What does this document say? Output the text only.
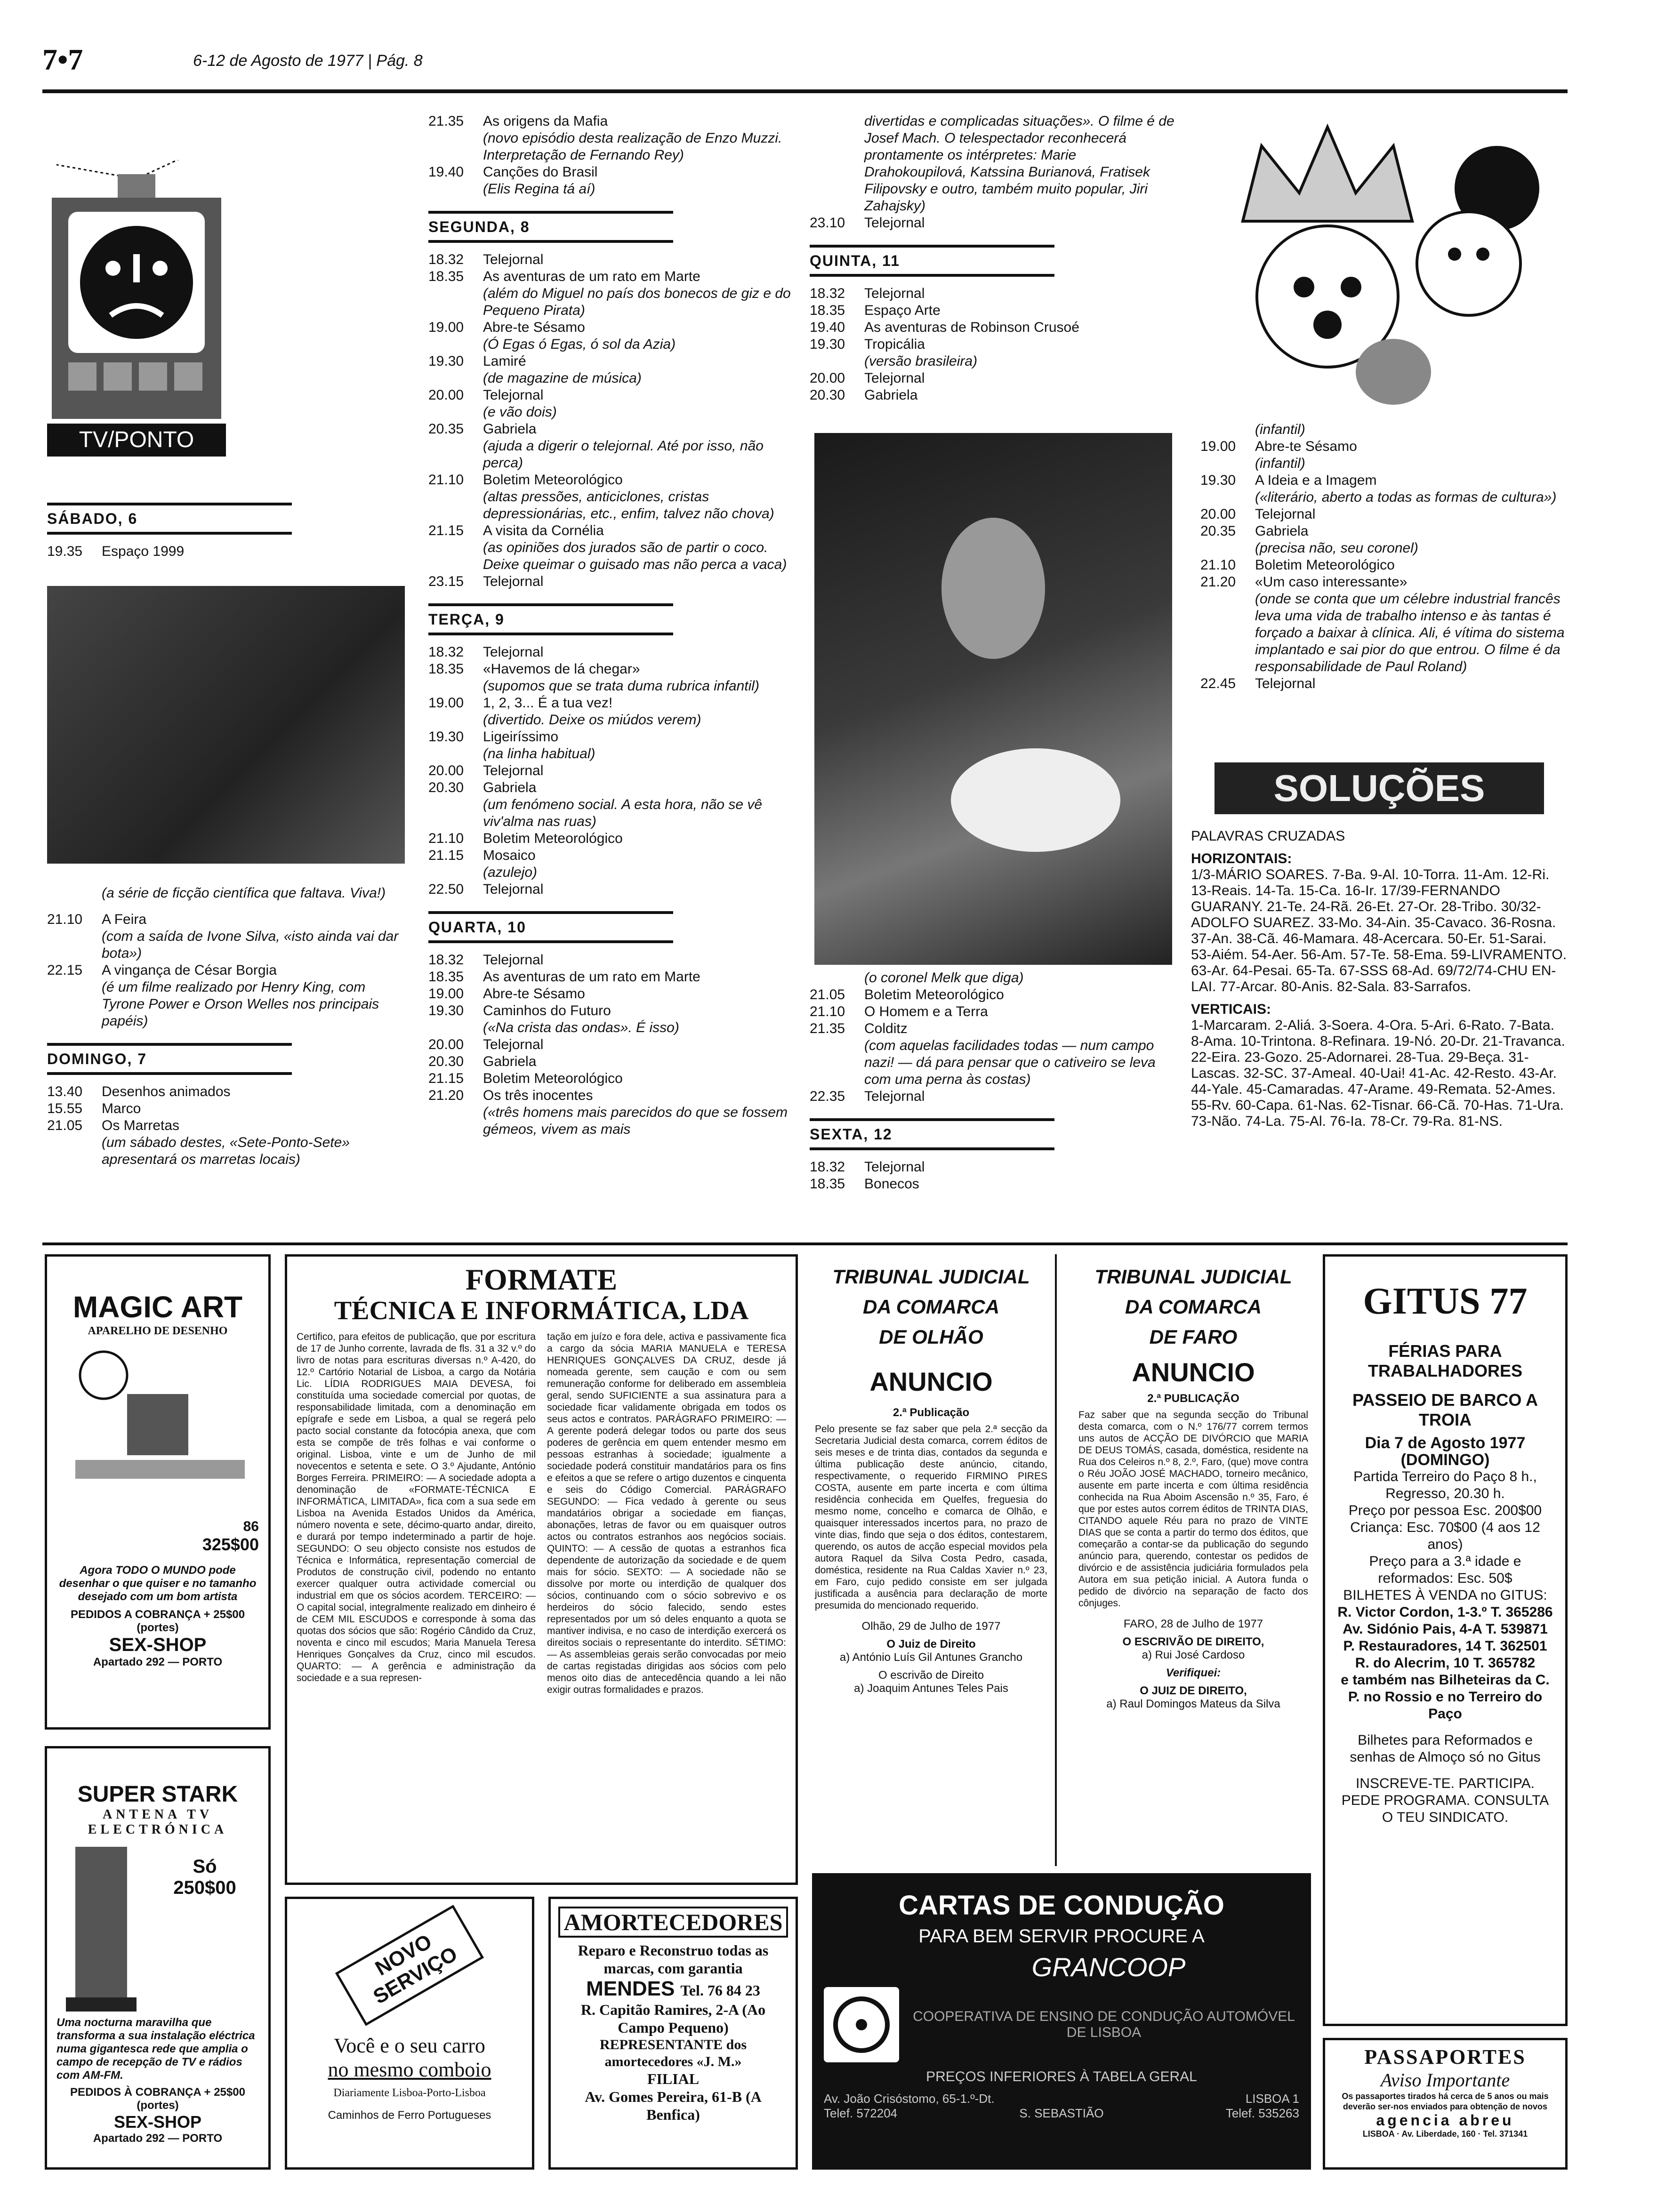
7•7	6-12 de Agosto de 1977 | Pág. 8
TV/PONTO
SÁBADO, 6
19.35	Espaço 1999
(a série de ficção científica que faltava. Viva!)
21.10	A Feira
(com a saída de Ivone Silva, «isto ainda vai dar bota»)
22.15	A vingança de César Borgia
(é um filme realizado por Henry King, com Tyrone Power e Orson Welles nos principais papéis)
DOMINGO, 7
13.40	Desenhos animados
15.55	Marco
21.05	Os Marretas
(um sábado destes, «Sete-Ponto-Sete» apresentará os marretas locais)
21.35	As origens da Mafia
(novo episódio desta realização de Enzo Muzzi. Interpretação de Fernando Rey)
19.40	Canções do Brasil
(Elis Regina tá aí)
SEGUNDA, 8
18.32	Telejornal
18.35	As aventuras de um rato em Marte
(além do Miguel no país dos bonecos de giz e do Pequeno Pirata)
19.00	Abre-te Sésamo
(Ó Egas ó Egas, ó sol da Azia)
19.30	Lamiré
(de magazine de música)
20.00	Telejornal
(e vão dois)
20.35	Gabriela
(ajuda a digerir o telejornal. Até por isso, não perca)
21.10	Boletim Meteorológico
(altas pressões, anticiclones, cristas depressionárias, etc., enfim, talvez não chova)
21.15	A visita da Cornélia
(as opiniões dos jurados são de partir o coco. Deixe queimar o guisado mas não perca a vaca)
23.15	Telejornal
TERÇA, 9
18.32	Telejornal
18.35	«Havemos de lá chegar»
(supomos que se trata duma rubrica infantil)
19.00	1, 2, 3... É a tua vez!
(divertido. Deixe os miúdos verem)
19.30	Ligeiríssimo
(na linha habitual)
20.00	Telejornal
20.30	Gabriela
(um fenómeno social. A esta hora, não se vê viv'alma nas ruas)
21.10	Boletim Meteorológico
21.15	Mosaico
(azulejo)
22.50	Telejornal
QUARTA, 10
18.32	Telejornal
18.35	As aventuras de um rato em Marte
19.00	Abre-te Sésamo
19.30	Caminhos do Futuro
(«Na crista das ondas». É isso)
20.00	Telejornal
20.30	Gabriela
21.15	Boletim Meteorológico
21.20	Os três inocentes
(«três homens mais parecidos do que se fossem gémeos, vivem as mais
divertidas e complicadas situações». O filme é de Josef Mach. O telespectador reconhecerá prontamente os intérpretes: Marie Drahokoupilová, Katssina Burianová, Fratisek Filipovsky e outro, também muito popular, Jiri Zahajsky)
23.10	Telejornal
QUINTA, 11
18.32	Telejornal
18.35	Espaço Arte
19.40	As aventuras de Robinson Crusoé
19.30	Tropicália
(versão brasileira)
20.00	Telejornal
20.30	Gabriela
(o coronel Melk que diga)
21.05	Boletim Meteorológico
21.10	O Homem e a Terra
21.35	Colditz
(com aquelas facilidades todas — num campo nazi! — dá para pensar que o cativeiro se leva com uma perna às costas)
22.35	Telejornal
SEXTA, 12
18.32	Telejornal
18.35	Bonecos
(infantil)
19.00	Abre-te Sésamo
(infantil)
19.30	A Ideia e a Imagem
(«literário, aberto a todas as formas de cultura»)
20.00	Telejornal
20.35	Gabriela
(precisa não, seu coronel)
21.10	Boletim Meteorológico
21.20	«Um caso interessante»
(onde se conta que um célebre industrial francês leva uma vida de trabalho intenso e às tantas é forçado a baixar à clínica. Ali, é vítima do sistema implantado e sai pior do que entrou. O filme é da responsabilidade de Paul Roland)
22.45	Telejornal
SOLUÇÕES
PALAVRAS CRUZADAS
HORIZONTAIS:
1/3-MÁRIO SOARES. 7-Ba. 9-Al. 10-Torra. 11-Am. 12-Ri. 13-Reais. 14-Ta. 15-Ca. 16-Ir. 17/39-FERNANDO GUARANY. 21-Te. 24-Rã. 26-Et. 27-Or. 28-Tribo. 30/32-ADOLFO SUAREZ. 33-Mo. 34-Ain. 35-Cavaco. 36-Rosna. 37-An. 38-Cã. 46-Mamara. 48-Acercara. 50-Er. 51-Sarai. 53-Aiém. 54-Aer. 56-Am. 57-Te. 58-Ema. 59-LIVRAMENTO. 63-Ar. 64-Pesai. 65-Ta. 67-SSS 68-Ad. 69/72/74-CHU EN-LAI. 77-Arcar. 80-Anis. 82-Sala. 83-Sarrafos.
VERTICAIS:
1-Marcaram. 2-Aliá. 3-Soera. 4-Ora. 5-Ari. 6-Rato. 7-Bata. 8-Ama. 10-Trintona. 8-Refinara. 19-Nó. 20-Dr. 21-Travanca. 22-Eira. 23-Gozo. 25-Adornarei. 28-Tua. 29-Beça. 31-Lascas. 32-SC. 37-Ameal. 40-Uai! 41-Ac. 42-Resto. 43-Ar. 44-Yale. 45-Camaradas. 47-Arame. 49-Remata. 52-Ames. 55-Rv. 60-Capa. 61-Nas. 62-Tisnar. 66-Cã. 70-Has. 71-Ura. 73-Não. 74-La. 75-Al. 76-Ia. 78-Cr. 79-Ra. 81-NS.
MAGIC ART
APARELHO DE DESENHO
86
325$00
Agora TODO O MUNDO pode desenhar o que quiser e no tamanho desejado com um bom artista
PEDIDOS A COBRANÇA + 25$00 (portes)
SEX-SHOP
Apartado 292 — PORTO
SUPER STARK
ANTENA TV ELECTRÓNICA
Só
250$00
Uma nocturna maravilha que transforma a sua instalação eléctrica numa gigantesca rede que amplia o campo de recepção de TV e rádios com AM-FM.
PEDIDOS À COBRANÇA + 25$00 (portes)
SEX-SHOP
Apartado 292 — PORTO
FORMATE
TÉCNICA E INFORMÁTICA, LDA
Certifico, para efeitos de publicação, que por escritura de 17 de Junho corrente, lavrada de fls. 31 a 32 v.º do livro de notas para escrituras diversas n.º A-420, do 12.º Cartório Notarial de Lisboa, a cargo da Notária Lic. LÍDIA RODRIGUES MAIA DEVESA, foi constituída uma sociedade comercial por quotas, de responsabilidade limitada, com a denominação em epígrafe e sede em Lisboa, a qual se regerá pelo pacto social constante da fotocópia anexa, que com esta se compõe de três folhas e vai conforme o original. Lisboa, vinte e um de Junho de mil novecentos e setenta e sete. O 3.º Ajudante, António Borges Ferreira. PRIMEIRO: — A sociedade adopta a denominação de «FORMATE-TÉCNICA E INFORMÁTICA, LIMITADA», fica com a sua sede em Lisboa na Avenida Estados Unidos da América, número noventa e sete, décimo-quarto andar, direito, e durará por tempo indeterminado a partir de hoje. SEGUNDO: O seu objecto consiste nos estudos de Técnica e Informática, representação comercial de Produtos de construção civil, podendo no entanto exercer qualquer outra actividade comercial ou industrial em que os sócios acordem. TERCEIRO: — O capital social, integralmente realizado em dinheiro é de CEM MIL ESCUDOS e corresponde à soma das quotas dos sócios que são: Rogério Cândido da Cruz, noventa e cinco mil escudos; Maria Manuela Teresa Henriques Gonçalves da Cruz, cinco mil escudos. QUARTO: — A gerência e administração da sociedade e a sua represen-
tação em juízo e fora dele, activa e passivamente fica a cargo da sócia MARIA MANUELA e TERESA HENRIQUES GONÇALVES DA CRUZ, desde já nomeada gerente, sem caução e com ou sem remuneração conforme for deliberado em assembleia geral, sendo SUFICIENTE a sua assinatura para a sociedade ficar validamente obrigada em todos os seus actos e contratos. PARÁGRAFO PRIMEIRO: — A gerente poderá delegar todos ou parte dos seus poderes de gerência em quem entender mesmo em pessoas estranhas à sociedade; igualmente a sociedade poderá constituir mandatários para os fins e efeitos a que se refere o artigo duzentos e cinquenta e seis do Código Comercial. PARÁGRAFO SEGUNDO: — Fica vedado à gerente ou seus mandatários obrigar a sociedade em fianças, abonações, letras de favor ou em quaisquer outros actos ou contratos estranhos aos negócios sociais. QUINTO: — A cessão de quotas a estranhos fica dependente de autorização da sociedade e de quem mais for sócio. SEXTO: — A sociedade não se dissolve por morte ou interdição de qualquer dos sócios, continuando com o sócio sobrevivo e os herdeiros do sócio falecido, sendo estes representados por um só deles enquanto a quota se mantiver indivisa, e no caso de interdição exercerá os direitos sociais o representante do interdito. SÉTIMO: — As assembleias gerais serão convocadas por meio de cartas registadas dirigidas aos sócios com pelo menos oito dias de antecedência quando a lei não exigir outras formalidades e prazos.
NOVO SERVIÇO
Você e o seu carro
no mesmo comboio
Diariamente Lisboa-Porto-Lisboa
Caminhos de Ferro Portugueses
AMORTECEDORES
Reparo e Reconstruo todas as marcas, com garantia
MENDES Tel. 76 84 23
R. Capitão Ramires, 2-A (Ao Campo Pequeno)
REPRESENTANTE dos amortecedores «J. M.»
FILIAL
Av. Gomes Pereira, 61-B (A Benfica)
TRIBUNAL JUDICIAL
DA COMARCA
DE OLHÃO
ANUNCIO
2.ª Publicação
Pelo presente se faz saber que pela 2.ª secção da Secretaria Judicial desta comarca, correm éditos de seis meses e de trinta dias, contados da segunda e última publicação deste anúncio, citando, respectivamente, o requerido FIRMINO PIRES COSTA, ausente em parte incerta e com última residência conhecida em Quelfes, freguesia do mesmo nome, concelho e comarca de Olhão, e quaisquer interessados incertos para, no prazo de vinte dias, findo que seja o dos éditos, contestarem, querendo, os autos de acção especial movidos pela autora Raquel da Silva Costa Pedro, casada, doméstica, residente na Rua Caldas Xavier n.º 23, em Faro, cujo pedido consiste em ser julgada justificada a ausência para declaração de morte presumida do mencionado requerido.
Olhão, 29 de Julho de 1977
O Juiz de Direito
a) António Luís Gil Antunes Grancho
O escrivão de Direito
a) Joaquim Antunes Teles Pais
TRIBUNAL JUDICIAL
DA COMARCA
DE FARO
ANUNCIO
2.ª PUBLICAÇÃO
Faz saber que na segunda secção do Tribunal desta comarca, com o N.º 176/77 correm termos uns autos de ACÇÃO DE DIVÓRCIO que MARIA DE DEUS TOMÁS, casada, doméstica, residente na Rua dos Celeiros n.º 8, 2.º, Faro, (que) move contra o Réu JOÃO JOSÉ MACHADO, torneiro mecânico, ausente em parte incerta e com última residência conhecida na Rua Aboim Ascensão n.º 35, Faro, é que por estes autos correm éditos de TRINTA DIAS, CITANDO aquele Réu para no prazo de VINTE DIAS que se conta a partir do termo dos éditos, que começarão a contar-se da publicação do segundo anúncio para, querendo, contestar os pedidos de divórcio e de assistência judiciária formulados pela Autora em sua petição inicial. A Autora funda o pedido de divórcio na separação de facto dos cônjuges.
FARO, 28 de Julho de 1977
O ESCRIVÃO DE DIREITO,
a) Rui José Cardoso
Verifiquei:
O JUIZ DE DIREITO,
a) Raul Domingos Mateus da Silva
GITUS 77
FÉRIAS PARA TRABALHADORES
PASSEIO DE BARCO A TROIA
Dia 7 de Agosto 1977 (DOMINGO)
Partida Terreiro do Paço 8 h., Regresso, 20.30 h.
Preço por pessoa Esc. 200$00
Criança: Esc. 70$00 (4 aos 12 anos)
Preço para a 3.ª idade e reformados: Esc. 50$
BILHETES À VENDA no GITUS:
R. Victor Cordon, 1-3.º T. 365286
Av. Sidónio Pais, 4-A T. 539871
P. Restauradores, 14 T. 362501
R. do Alecrim, 10 T. 365782
e também nas Bilheteiras da C. P. no Rossio e no Terreiro do Paço
Bilhetes para Reformados e senhas de Almoço só no Gitus
INSCREVE-TE. PARTICIPA. PEDE PROGRAMA. CONSULTA O TEU SINDICATO.
CARTAS DE CONDUÇÃO
PARA BEM SERVIR PROCURE A
GRANCOOP
COOPERATIVA DE ENSINO DE CONDUÇÃO AUTOMÓVEL DE LISBOA
PREÇOS INFERIORES À TABELA GERAL
Av. João Crisóstomo, 65-1.º-Dt.	LISBOA 1
Telef. 572204	S. SEBASTIÃO	Telef. 535263
PASSAPORTES
Aviso Importante
Os passaportes tirados há cerca de 5 anos ou mais deverão ser-nos enviados para obtenção de novos
agencia abreu
LISBOA · Av. Liberdade, 160 · Tel. 371341
